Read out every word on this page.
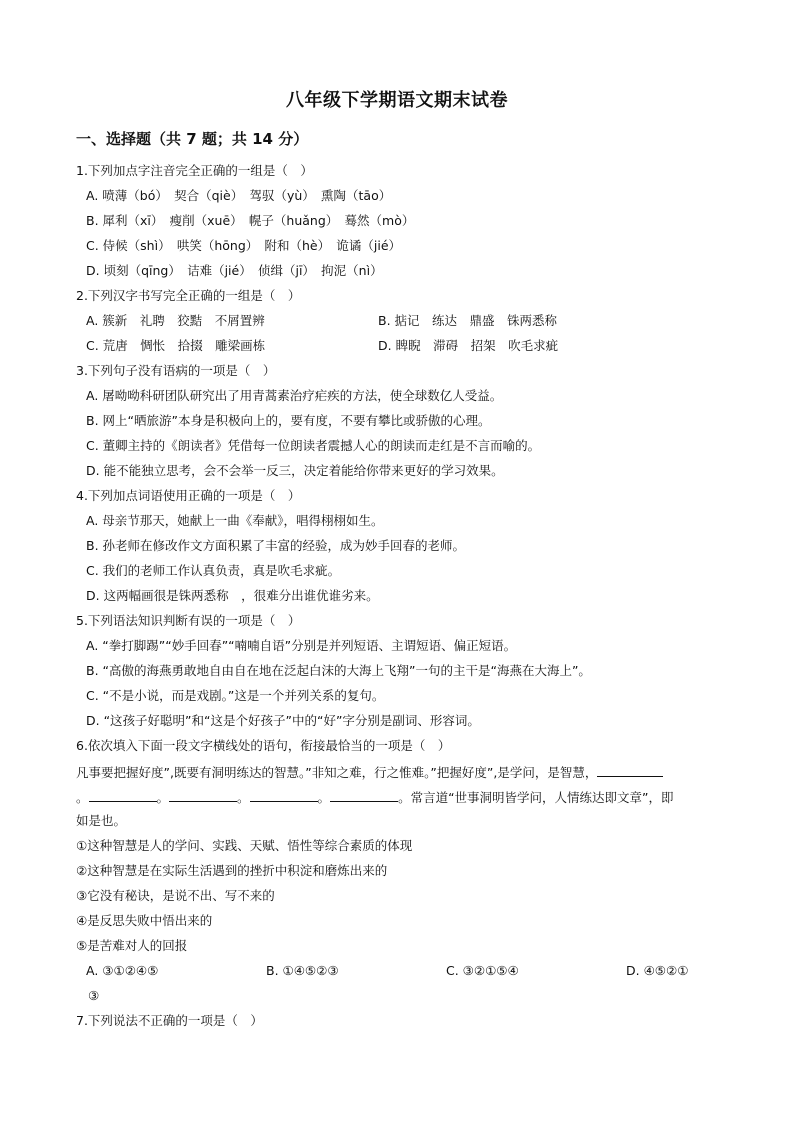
八年级下学期语文期末试卷
一、选择题（共 7 题；共 14 分）
1.下列加点字注音完全正确的一组是（　）
A. 喷薄（bó）　契合（qiè）　驾驭（yù）　熏陶（tāo）
B. 犀利（xī）　瘦削（xuē）　幌子（huǎng）　蓦然（mò）
C. 侍候（shì）　哄笑（hōng）　附和（hè）　诡谲（jié）
D. 顷刻（qīng）　诘难（jié）　侦缉（jī）　拘泥（nì）
2.下列汉字书写完全正确的一组是（　）
A. 簇新　礼聘　狡黠　不屑置辨	B. 掂记　练达　鼎盛　铢两悉称
C. 荒唐　惆怅　拾掇　雕梁画栋	D. 睥睨　滞碍　招架　吹毛求疵
3.下列句子没有语病的一项是（　）
A. 屠呦呦科研团队研究出了用青蒿素治疗疟疾的方法，使全球数亿人受益。
B. 网上“晒旅游”本身是积极向上的，要有度，不要有攀比或骄傲的心理。
C. 董卿主持的《朗读者》凭借每一位朗读者震撼人心的朗读而走红是不言而喻的。
D. 能不能独立思考，会不会举一反三，决定着能给你带来更好的学习效果。
4.下列加点词语使用正确的一项是（　）
A. 母亲节那天，她献上一曲《奉献》，唱得栩栩如生。
B. 孙老师在修改作文方面积累了丰富的经验，成为妙手回春的老师。
C. 我们的老师工作认真负责，真是吹毛求疵。
D. 这两幅画很是铢两悉称　，很难分出谁优谁劣来。
5.下列语法知识判断有误的一项是（　）
A. “拳打脚踢”“妙手回春”“喃喃自语”分别是并列短语、主谓短语、偏正短语。
B. “高傲的海燕勇敢地自由自在地在泛起白沫的大海上飞翔”一句的主干是“海燕在大海上”。
C. “不是小说，而是戏剧。”这是一个并列关系的复句。
D. “这孩子好聪明”和“这是个好孩子”中的“好”字分别是副词、形容词。
6.依次填入下面一段文字横线处的语句，衔接最恰当的一项是（　）
凡事要把握好度”,既要有洞明练达的智慧。”非知之难，行之惟难。”把握好度”,是学问，是智慧，
。	。	。	。	。常言道“世事洞明皆学问，人情练达即文章”，即
如是也。
①这种智慧是人的学问、实践、天赋、悟性等综合素质的体现
②这种智慧是在实际生活遇到的挫折中积淀和磨炼出来的
③它没有秘诀，是说不出、写不来的
④是反思失败中悟出来的
⑤是苦难对人的回报
A. ③①②④⑤	B. ①④⑤②③	C. ③②①⑤④	D. ④⑤②①
③
7.下列说法不正确的一项是（　）
